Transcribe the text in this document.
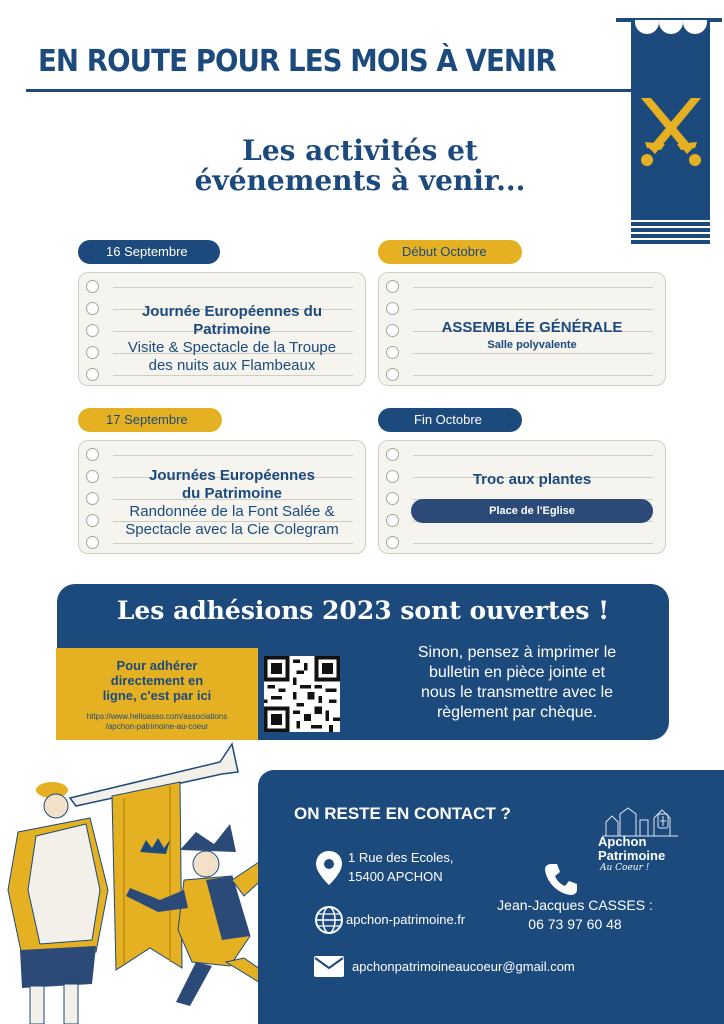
EN ROUTE POUR LES MOIS À VENIR
Les activités et
événements à venir...
16 Septembre
Journée Européennes du
Patrimoine
Visite & Spectacle de la Troupe
des nuits aux Flambeaux
Début Octobre
ASSEMBLÉE GÉNÉRALE
Salle polyvalente
17 Septembre
Journées Européennes
du Patrimoine
Randonnée de la Font Salée &
Spectacle avec la Cie Colegram
Fin Octobre
Troc aux plantes
Place de l'Eglise
Les adhésions 2023 sont ouvertes !
Pour adhérer
directement en
ligne, c'est par ici
https://www.helloasso.com/associations
/apchon-patrimoine-au-coeur
Sinon, pensez à imprimer le
bulletin en pièce jointe et
nous le transmettre avec le
règlement par chèque.
ON RESTE EN CONTACT ?
1 Rue des Ecoles,
15400 APCHON
apchon-patrimoine.fr
apchonpatrimoineaucoeur@gmail.com
Jean-Jacques CASSES :
06 73 97 60 48
Apchon
Patrimoine
Au Coeur !
